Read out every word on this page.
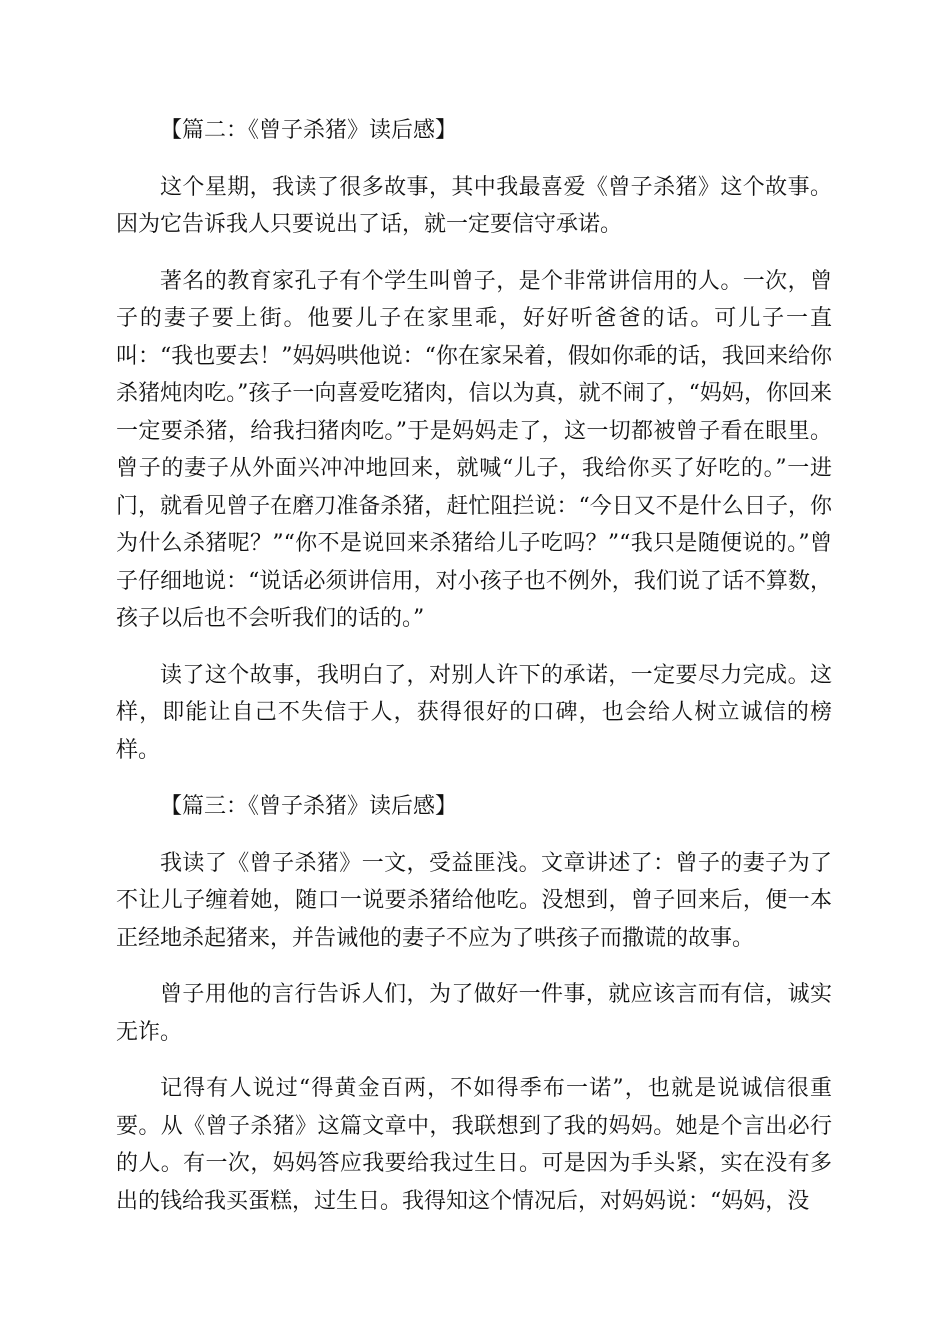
【篇二：《曾子杀猪》读后感】

这个星期，我读了很多故事，其中我最喜爱《曾子杀猪》这个故事。因为它告诉我人只要说出了话，就一定要信守承诺。

著名的教育家孔子有个学生叫曾子，是个非常讲信用的人。一次，曾子的妻子要上街。他要儿子在家里乖，好好听爸爸的话。可儿子一直叫：“我也要去！”妈妈哄他说：“你在家呆着，假如你乖的话，我回来给你杀猪炖肉吃。”孩子一向喜爱吃猪肉，信以为真，就不闹了，“妈妈，你回来一定要杀猪，给我扫猪肉吃。”于是妈妈走了，这一切都被曾子看在眼里。曾子的妻子从外面兴冲冲地回来，就喊“儿子，我给你买了好吃的。”一进门，就看见曾子在磨刀准备杀猪，赶忙阻拦说：“今日又不是什么日子，你为什么杀猪呢？”“你不是说回来杀猪给儿子吃吗？”“我只是随便说的。”曾子仔细地说：“说话必须讲信用，对小孩子也不例外，我们说了话不算数，孩子以后也不会听我们的话的。”

读了这个故事，我明白了，对别人许下的承诺，一定要尽力完成。这样，即能让自己不失信于人，获得很好的口碑，也会给人树立诚信的榜样。

【篇三：《曾子杀猪》读后感】

我读了《曾子杀猪》一文，受益匪浅。文章讲述了：曾子的妻子为了不让儿子缠着她，随口一说要杀猪给他吃。没想到，曾子回来后，便一本正经地杀起猪来，并告诫他的妻子不应为了哄孩子而撒谎的故事。

曾子用他的言行告诉人们，为了做好一件事，就应该言而有信，诚实无诈。

记得有人说过“得黄金百两，不如得季布一诺”，也就是说诚信很重要。从《曾子杀猪》这篇文章中，我联想到了我的妈妈。她是个言出必行的人。有一次，妈妈答应我要给我过生日。可是因为手头紧，实在没有多出的钱给我买蛋糕，过生日。我得知这个情况后，对妈妈说：“妈妈，没
